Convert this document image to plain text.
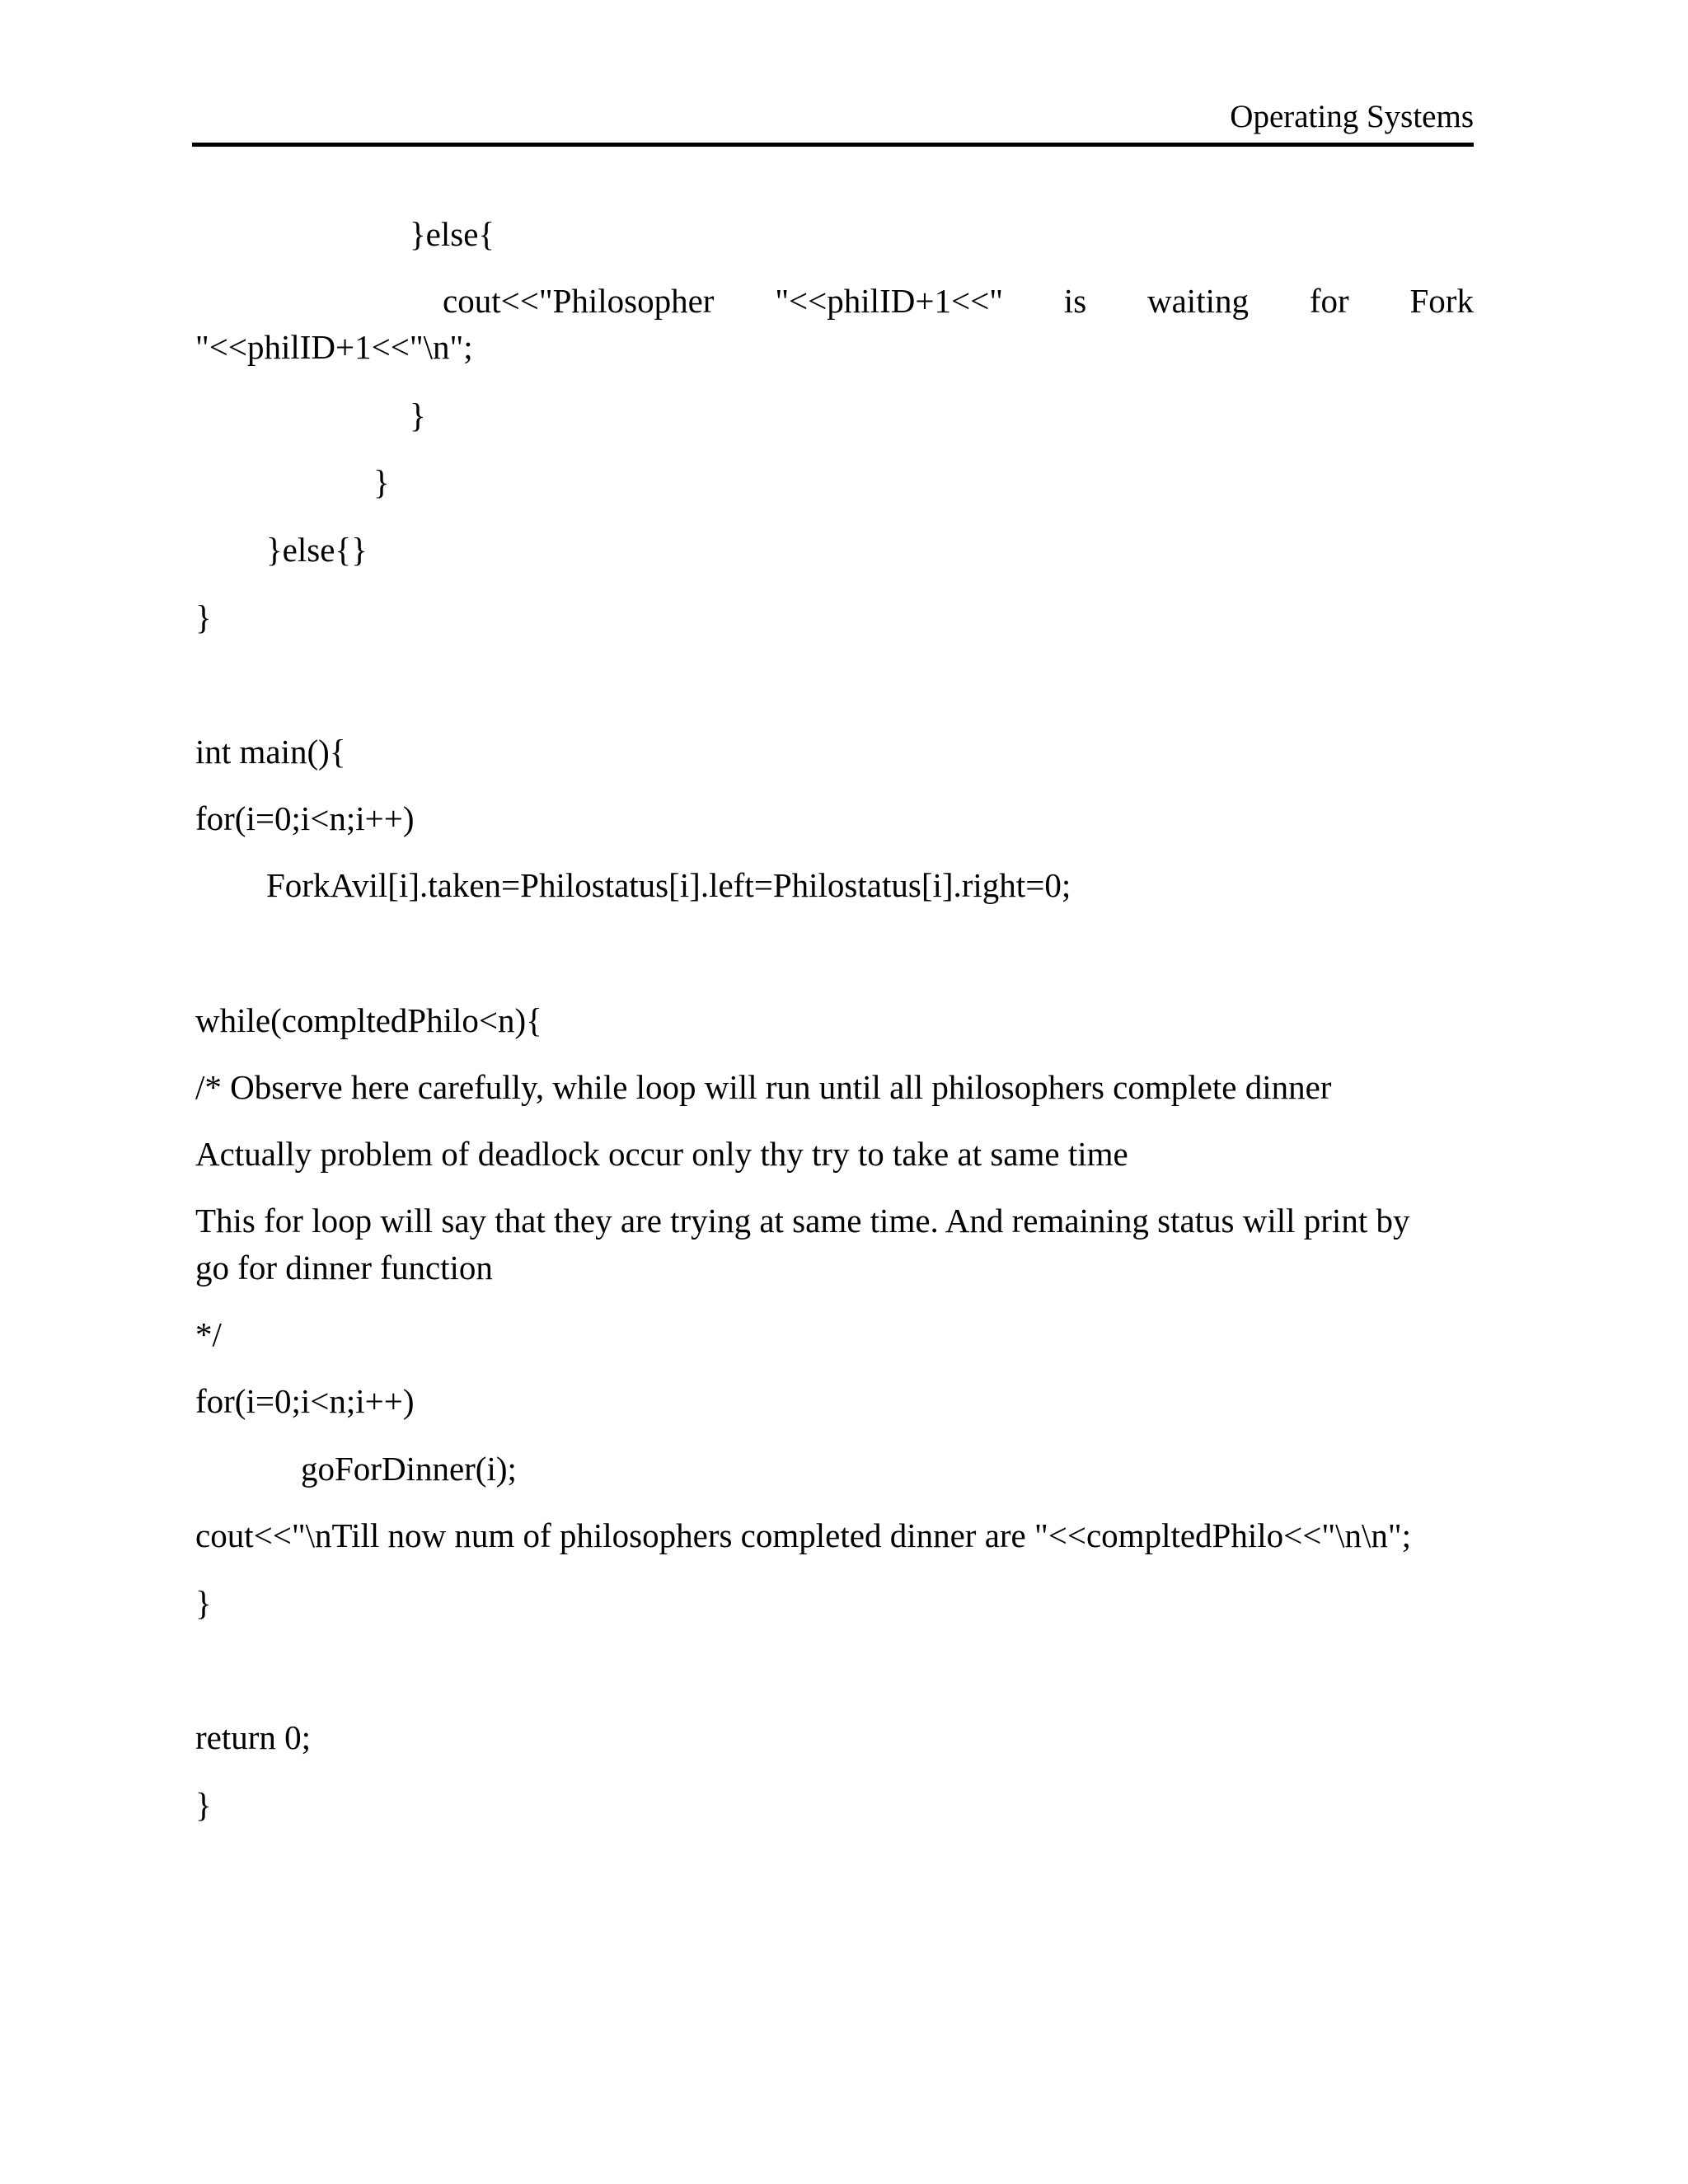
Operating Systems
}else{
cout<<"Philosopher "<<philID+1<<" is waiting for Fork
"<<philID+1<<"\n";
}
}
}else{}
}
int main(){
for(i=0;i<n;i++)
ForkAvil[i].taken=Philostatus[i].left=Philostatus[i].right=0;
while(compltedPhilo<n){
/* Observe here carefully, while loop will run until all philosophers complete dinner
Actually problem of deadlock occur only thy try to take at same time
This for loop will say that they are trying at same time. And remaining status will print by
go for dinner function
*/
for(i=0;i<n;i++)
goForDinner(i);
cout<<"\nTill now num of philosophers completed dinner are "<<compltedPhilo<<"\n\n";
}
return 0;
}
